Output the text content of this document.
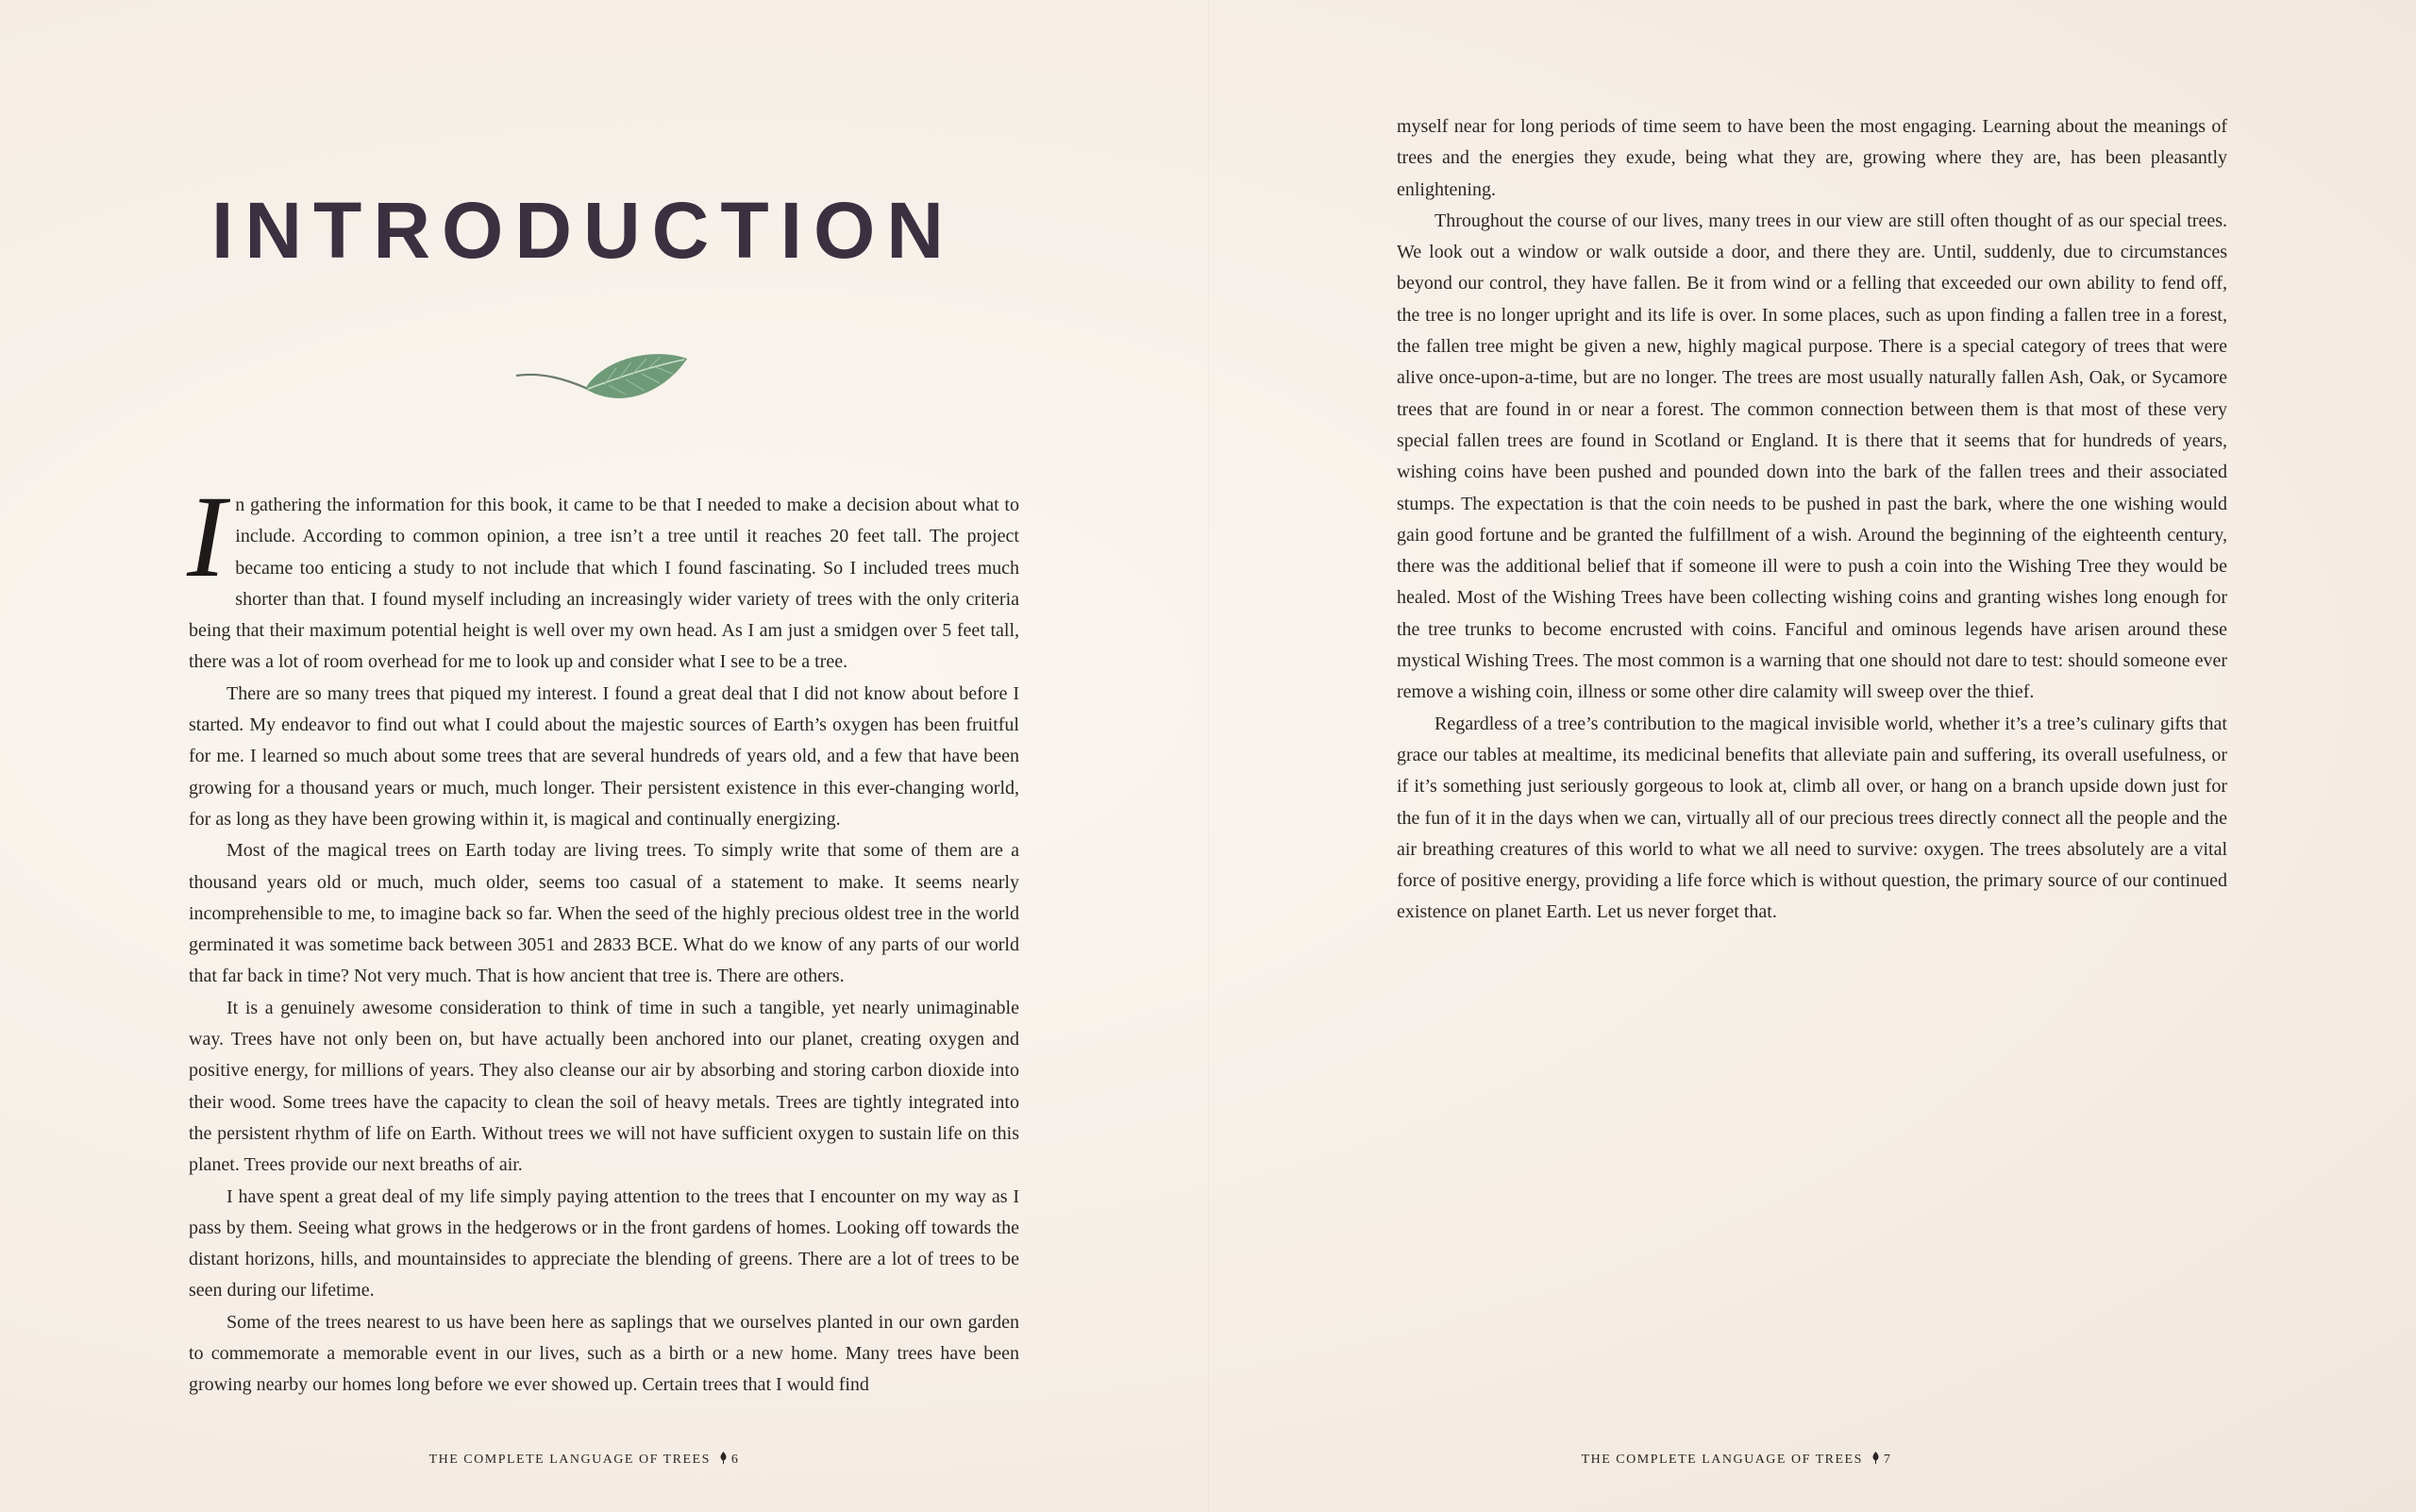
INTRODUCTION

In gathering the information for this book, it came to be that I needed to make a decision about what to include. According to common opinion, a tree isn’t a tree until it reaches 20 feet tall. The project became too enticing a study to not include that which I found fascinating. So I included trees much shorter than that. I found myself including an increasingly wider variety of trees with the only criteria being that their maximum potential height is well over my own head. As I am just a smidgen over 5 feet tall, there was a lot of room overhead for me to look up and consider what I see to be a tree.

There are so many trees that piqued my interest. I found a great deal that I did not know about before I started. My endeavor to find out what I could about the majestic sources of Earth’s oxygen has been fruitful for me. I learned so much about some trees that are several hundreds of years old, and a few that have been growing for a thousand years or much, much longer. Their persistent existence in this ever-changing world, for as long as they have been growing within it, is magical and continually energizing.

Most of the magical trees on Earth today are living trees. To simply write that some of them are a thousand years old or much, much older, seems too casual of a statement to make. It seems nearly incomprehensible to me, to imagine back so far. When the seed of the highly precious oldest tree in the world germinated it was sometime back between 3051 and 2833 BCE. What do we know of any parts of our world that far back in time? Not very much. That is how ancient that tree is. There are others.

It is a genuinely awesome consideration to think of time in such a tangible, yet nearly unimaginable way. Trees have not only been on, but have actually been anchored into our planet, creating oxygen and positive energy, for millions of years. They also cleanse our air by absorbing and storing carbon dioxide into their wood. Some trees have the capacity to clean the soil of heavy metals. Trees are tightly integrated into the persistent rhythm of life on Earth. Without trees we will not have sufficient oxygen to sustain life on this planet. Trees provide our next breaths of air.

I have spent a great deal of my life simply paying attention to the trees that I encounter on my way as I pass by them. Seeing what grows in the hedgerows or in the front gardens of homes. Looking off towards the distant horizons, hills, and mountainsides to appreciate the blending of greens. There are a lot of trees to be seen during our lifetime.

Some of the trees nearest to us have been here as saplings that we ourselves planted in our own garden to commemorate a memorable event in our lives, such as a birth or a new home. Many trees have been growing nearby our homes long before we ever showed up. Certain trees that I would find

THE COMPLETE LANGUAGE OF TREES 6

myself near for long periods of time seem to have been the most engaging. Learning about the meanings of trees and the energies they exude, being what they are, growing where they are, has been pleasantly enlightening.

Throughout the course of our lives, many trees in our view are still often thought of as our special trees. We look out a window or walk outside a door, and there they are. Until, suddenly, due to circumstances beyond our control, they have fallen. Be it from wind or a felling that exceeded our own ability to fend off, the tree is no longer upright and its life is over. In some places, such as upon finding a fallen tree in a forest, the fallen tree might be given a new, highly magical purpose. There is a special category of trees that were alive once-upon-a-time, but are no longer. The trees are most usually naturally fallen Ash, Oak, or Sycamore trees that are found in or near a forest. The common connection between them is that most of these very special fallen trees are found in Scotland or England. It is there that it seems that for hundreds of years, wishing coins have been pushed and pounded down into the bark of the fallen trees and their associated stumps. The expectation is that the coin needs to be pushed in past the bark, where the one wishing would gain good fortune and be granted the fulfillment of a wish. Around the beginning of the eighteenth century, there was the additional belief that if someone ill were to push a coin into the Wishing Tree they would be healed. Most of the Wishing Trees have been collecting wishing coins and granting wishes long enough for the tree trunks to become encrusted with coins. Fanciful and ominous legends have arisen around these mystical Wishing Trees. The most common is a warning that one should not dare to test: should someone ever remove a wishing coin, illness or some other dire calamity will sweep over the thief.

Regardless of a tree’s contribution to the magical invisible world, whether it’s a tree’s culinary gifts that grace our tables at mealtime, its medicinal benefits that alleviate pain and suffering, its overall usefulness, or if it’s something just seriously gorgeous to look at, climb all over, or hang on a branch upside down just for the fun of it in the days when we can, virtually all of our precious trees directly connect all the people and the air breathing creatures of this world to what we all need to survive: oxygen. The trees absolutely are a vital force of positive energy, providing a life force which is without question, the primary source of our continued existence on planet Earth. Let us never forget that.

THE COMPLETE LANGUAGE OF TREES 7
